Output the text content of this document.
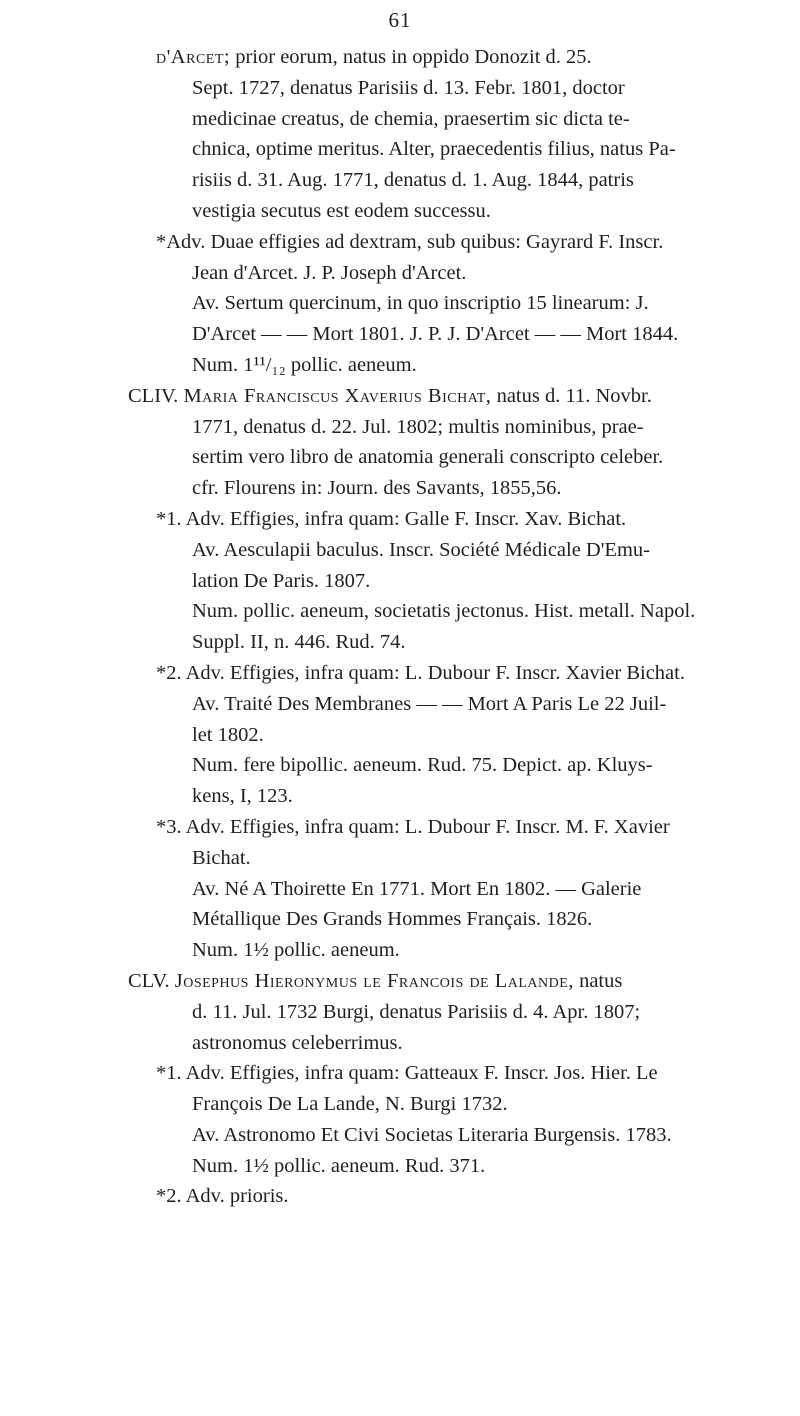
61
d'Arcet; prior eorum, natus in oppido Donozit d. 25.
Sept. 1727, denatus Parisiis d. 13. Febr. 1801, doctor
medicinae creatus, de chemia, praesertim sic dicta te-
chnica, optime meritus. Alter, praecedentis filius, natus Pa-
risiis d. 31. Aug. 1771, denatus d. 1. Aug. 1844, patris
vestigia secutus est eodem successu.
*Adv. Duae effigies ad dextram, sub quibus: Gayrard F. Inscr.
Jean d'Arcet. J. P. Joseph d'Arcet.
Av. Sertum quercinum, in quo inscriptio 15 linearum: J.
D'Arcet — — Mort 1801. J. P. J. D'Arcet — — Mort 1844.
Num. 1¹¹/₁₂ pollic. aeneum.
CLIV. Maria Franciscus Xaverius Bichat, natus d. 11. Novbr.
1771, denatus d. 22. Jul. 1802; multis nominibus, prae-
sertim vero libro de anatomia generali conscripto celeber.
cfr. Flourens in: Journ. des Savants, 1855,56.
*1. Adv. Effigies, infra quam: Galle F. Inscr. Xav. Bichat.
Av. Aesculapii baculus. Inscr. Société Médicale D'Emu-
lation De Paris. 1807.
Num. pollic. aeneum, societatis jectonus. Hist. metall. Napol.
Suppl. II, n. 446. Rud. 74.
*2. Adv. Effigies, infra quam: L. Dubour F. Inscr. Xavier Bichat.
Av. Traité Des Membranes — — Mort A Paris Le 22 Juil-
let 1802.
Num. fere bipollic. aeneum. Rud. 75. Depict. ap. Kluys-
kens, I, 123.
*3. Adv. Effigies, infra quam: L. Dubour F. Inscr. M. F. Xavier
Bichat.
Av. Né A Thoirette En 1771. Mort En 1802. — Galerie
Métallique Des Grands Hommes Français. 1826.
Num. 1½ pollic. aeneum.
CLV. Josephus Hieronymus le Francois de Lalande, natus
d. 11. Jul. 1732 Burgi, denatus Parisiis d. 4. Apr. 1807;
astronomus celeberrimus.
*1. Adv. Effigies, infra quam: Gatteaux F. Inscr. Jos. Hier. Le
François De La Lande, N. Burgi 1732.
Av. Astronomo Et Civi Societas Literaria Burgensis. 1783.
Num. 1½ pollic. aeneum. Rud. 371.
*2. Adv. prioris.
